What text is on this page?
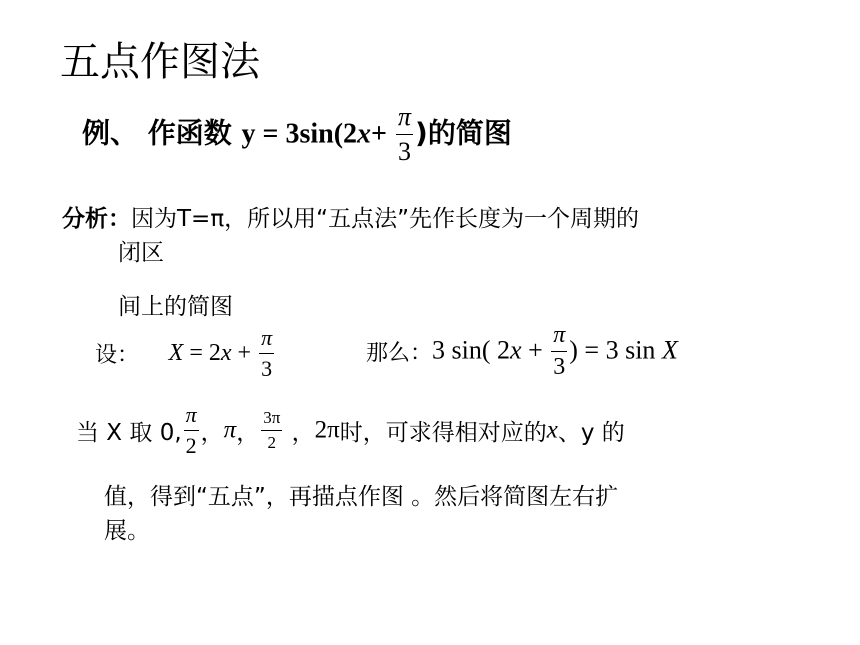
五点作图法
例、 作函数 $y = 3\sin(2x+ \frac{\pi}{3}$ )的简图
分析：因为T=π，所以用“五点法”先作长度为一个周期的
闭区
间上的简图
设： $X = 2x + \frac{\pi}{3}$	那么：3 sin( $2x + \frac{\pi}{3}$ ) = 3 sin X
当 X 取 0, $\frac{\pi}{2}$ ，π， $\frac{3\pi}{2}$ ，2π时，可求得相对应的x、y 的
值，得到“五点”，再描点作图 。然后将简图左右扩
展。
